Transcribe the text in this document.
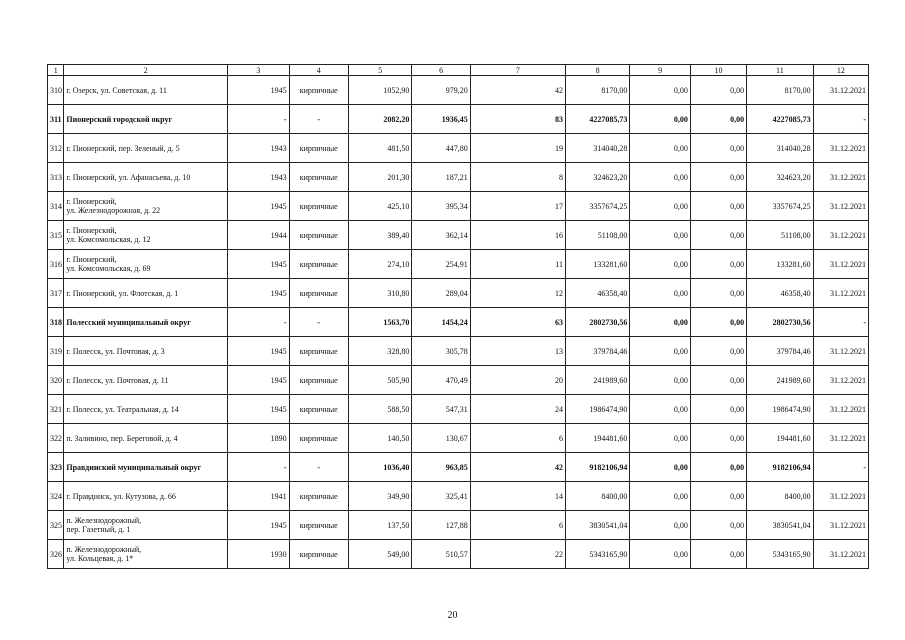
1	2	3	4	5	6	7	8	9	10	11	12
310	г. Озерск, ул. Советская, д. 11	1945	кирпичные	1052,90	979,20	42	8170,00	0,00	0,00	8170,00	31.12.2021
311	Пионерский городской округ	-	-	2082,20	1936,45	83	4227085,73	0,00	0,00	4227085,73	-
312	г. Пионерский, пер. Зеленый, д. 5	1943	кирпичные	481,50	447,80	19	314040,28	0,00	0,00	314040,28	31.12.2021
313	г. Пионерский, ул. Афанасьева, д. 10	1943	кирпичные	201,30	187,21	8	324623,20	0,00	0,00	324623,20	31.12.2021
314	г. Пионерский,
ул. Железнодорожная, д. 22	1945	кирпичные	425,10	395,34	17	3357674,25	0,00	0,00	3357674,25	31.12.2021
315	г. Пионерский,
ул. Комсомольская, д. 12	1944	кирпичные	389,40	362,14	16	51108,00	0,00	0,00	51108,00	31.12.2021
316	г. Пионерский,
ул. Комсомольская, д. 69	1945	кирпичные	274,10	254,91	11	133281,60	0,00	0,00	133281,60	31.12.2021
317	г. Пионерский, ул. Флотская, д. 1	1945	кирпичные	310,80	289,04	12	46358,40	0,00	0,00	46358,40	31.12.2021
318	Полесский муниципальный округ	-	-	1563,70	1454,24	63	2802730,56	0,00	0,00	2802730,56	-
319	г. Полесск, ул. Почтовая, д. 3	1945	кирпичные	328,80	305,78	13	379784,46	0,00	0,00	379784,46	31.12.2021
320	г. Полесск, ул. Почтовая, д. 11	1945	кирпичные	505,90	470,49	20	241989,60	0,00	0,00	241989,60	31.12.2021
321	г. Полесск, ул. Театральная, д. 14	1945	кирпичные	588,50	547,31	24	1986474,90	0,00	0,00	1986474,90	31.12.2021
322	п. Заливино, пер. Береговой, д. 4	1890	кирпичные	140,50	130,67	6	194481,60	0,00	0,00	194481,60	31.12.2021
323	Правдинский муниципальный округ	-	-	1036,40	963,85	42	9182106,94	0,00	0,00	9182106,94	-
324	г. Правдинск, ул. Кутузова, д. 66	1941	кирпичные	349,90	325,41	14	8400,00	0,00	0,00	8400,00	31.12.2021
325	п. Железнодорожный,
пер. Газетный, д. 1	1945	кирпичные	137,50	127,88	6	3830541,04	0,00	0,00	3830541,04	31.12.2021
326	п. Железнодорожный,
ул. Кольцевая, д. 1*	1930	кирпичные	549,00	510,57	22	5343165,90	0,00	0,00	5343165,90	31.12.2021
20
